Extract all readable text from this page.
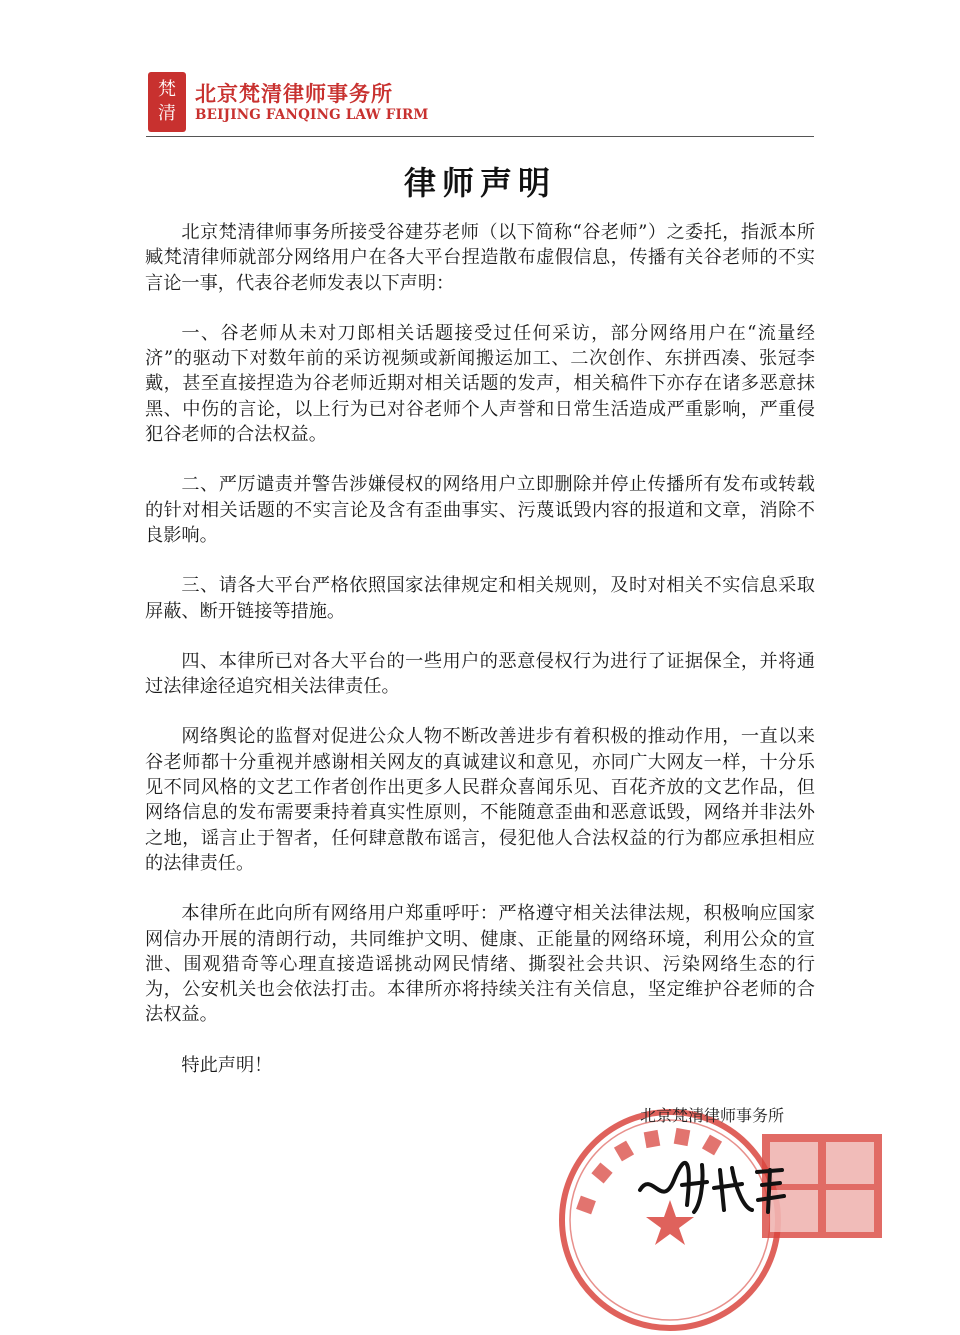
梵
清
北京梵清律师事务所
BEIJING FANQING LAW FIRM
律师声明

北京梵清律师事务所接受谷建芬老师（以下简称“谷老师”）之委托，指派本所臧梵清律师就部分网络用户在各大平台捏造散布虚假信息，传播有关谷老师的不实言论一事，代表谷老师发表以下声明：

一、谷老师从未对刀郎相关话题接受过任何采访，部分网络用户在“流量经济”的驱动下对数年前的采访视频或新闻搬运加工、二次创作、东拼西凑、张冠李戴，甚至直接捏造为谷老师近期对相关话题的发声，相关稿件下亦存在诸多恶意抹黑、中伤的言论，以上行为已对谷老师个人声誉和日常生活造成严重影响，严重侵犯谷老师的合法权益。

二、严厉谴责并警告涉嫌侵权的网络用户立即删除并停止传播所有发布或转载的针对相关话题的不实言论及含有歪曲事实、污蔑诋毁内容的报道和文章，消除不良影响。

三、请各大平台严格依照国家法律规定和相关规则，及时对相关不实信息采取屏蔽、断开链接等措施。

四、本律所已对各大平台的一些用户的恶意侵权行为进行了证据保全，并将通过法律途径追究相关法律责任。

网络舆论的监督对促进公众人物不断改善进步有着积极的推动作用，一直以来谷老师都十分重视并感谢相关网友的真诚建议和意见，亦同广大网友一样，十分乐见不同风格的文艺工作者创作出更多人民群众喜闻乐见、百花齐放的文艺作品，但网络信息的发布需要秉持着真实性原则，不能随意歪曲和恶意诋毁，网络并非法外之地，谣言止于智者，任何肆意散布谣言，侵犯他人合法权益的行为都应承担相应的法律责任。

本律所在此向所有网络用户郑重呼吁：严格遵守相关法律法规，积极响应国家网信办开展的清朗行动，共同维护文明、健康、正能量的网络环境，利用公众的宣泄、围观猎奇等心理直接造谣挑动网民情绪、撕裂社会共识、污染网络生态的行为，公安机关也会依法打击。本律所亦将持续关注有关信息，坚定维护谷老师的合法权益。

特此声明！

北京梵清律师事务所
